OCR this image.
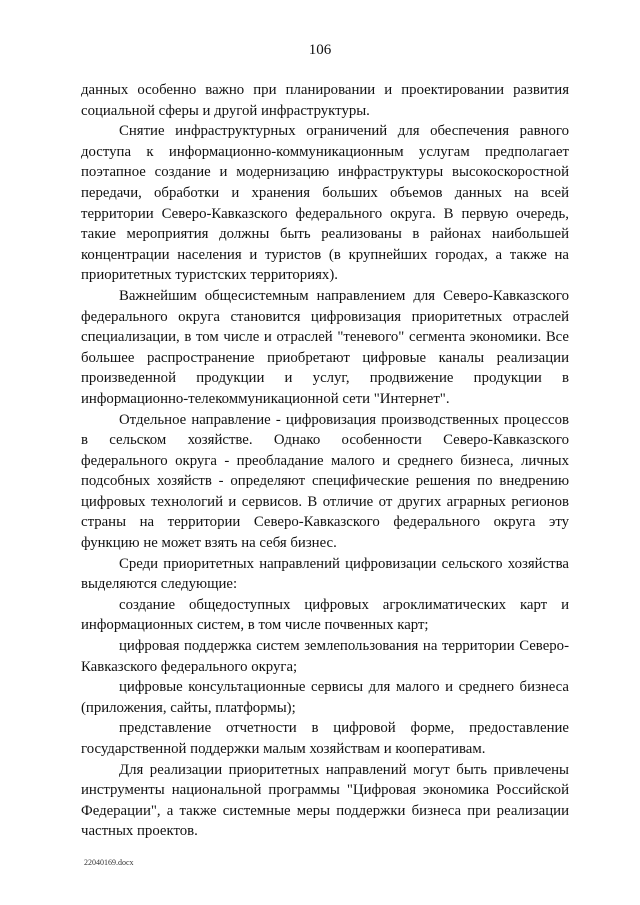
106

данных особенно важно при планировании и проектировании развития социальной сферы и другой инфраструктуры.

Снятие инфраструктурных ограничений для обеспечения равного доступа к информационно-коммуникационным услугам предполагает поэтапное создание и модернизацию инфраструктуры высокоскоростной передачи, обработки и хранения больших объемов данных на всей территории Северо-Кавказского федерального округа. В первую очередь, такие мероприятия должны быть реализованы в районах наибольшей концентрации населения и туристов (в крупнейших городах, а также на приоритетных туристских территориях).

Важнейшим общесистемным направлением для Северо-Кавказского федерального округа становится цифровизация приоритетных отраслей специализации, в том числе и отраслей "теневого" сегмента экономики. Все большее распространение приобретают цифровые каналы реализации произведенной продукции и услуг, продвижение продукции в информационно-телекоммуникационной сети "Интернет".

Отдельное направление - цифровизация производственных процессов в сельском хозяйстве. Однако особенности Северо-Кавказского федерального округа - преобладание малого и среднего бизнеса, личных подсобных хозяйств - определяют специфические решения по внедрению цифровых технологий и сервисов. В отличие от других аграрных регионов страны на территории Северо-Кавказского федерального округа эту функцию не может взять на себя бизнес.

Среди приоритетных направлений цифровизации сельского хозяйства выделяются следующие:

создание общедоступных цифровых агроклиматических карт и информационных систем, в том числе почвенных карт;

цифровая поддержка систем землепользования на территории Северо-Кавказского федерального округа;

цифровые консультационные сервисы для малого и среднего бизнеса (приложения, сайты, платформы);

представление отчетности в цифровой форме, предоставление государственной поддержки малым хозяйствам и кооперативам.

Для реализации приоритетных направлений могут быть привлечены инструменты национальной программы "Цифровая экономика Российской Федерации", а также системные меры поддержки бизнеса при реализации частных проектов.

22040169.docx
